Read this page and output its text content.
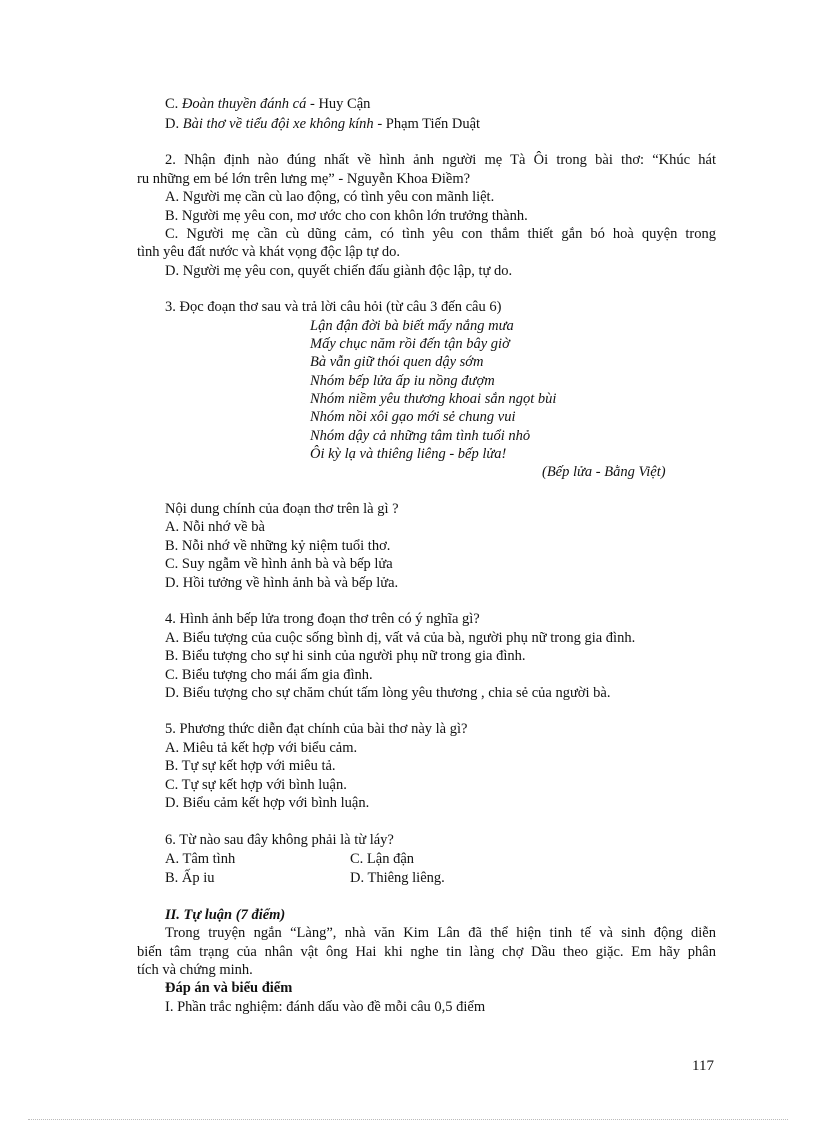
C. Đoàn thuyền đánh cá - Huy Cận
D. Bài thơ về tiểu đội xe không kính - Phạm Tiến Duật
2. Nhận định nào đúng nhất về hình ảnh người mẹ Tà Ôi trong bài thơ: “Khúc hát
ru những em bé lớn trên lưng mẹ” - Nguyễn Khoa Điềm?
A. Người mẹ cần cù lao động, có tình yêu con mãnh liệt.
B. Người mẹ yêu con, mơ ước cho con khôn lớn trưởng thành.
C. Người mẹ cần cù dũng cảm, có tình yêu con thắm thiết gắn bó hoà quyện trong
tình yêu đất nước và khát vọng độc lập tự do.
D. Người mẹ yêu con, quyết chiến đấu giành độc lập, tự do.
3. Đọc đoạn thơ sau và trả lời câu hỏi (từ câu 3 đến câu 6)
Lận đận đời bà biết mấy nắng mưa
Mấy chục năm rồi đến tận bây giờ
Bà vẫn giữ thói quen dậy sớm
Nhóm bếp lửa ấp iu nồng đượm
Nhóm niềm yêu thương khoai sắn ngọt bùi
Nhóm nồi xôi gạo mới sẻ chung vui
Nhóm dậy cả những tâm tình tuổi nhỏ
Ôi kỳ lạ và thiêng liêng - bếp lửa!
(Bếp lửa - Bằng Việt)
Nội dung chính của đoạn thơ trên là gì ?
A. Nỗi nhớ về bà
B. Nỗi nhớ về những kỷ niệm tuổi thơ.
C. Suy ngẫm về hình ảnh bà và bếp lửa
D. Hồi tưởng về hình ảnh bà và bếp lửa.
4. Hình ảnh bếp lửa trong đoạn thơ trên có ý nghĩa gì?
A. Biểu tượng của cuộc sống bình dị, vất vả của bà, người phụ nữ trong gia đình.
B. Biểu tượng cho sự hi sinh của người phụ nữ trong gia đình.
C. Biểu tượng cho mái ấm gia đình.
D. Biểu tượng cho sự chăm chút tấm lòng yêu thương , chia sẻ của người bà.
5. Phương thức diễn đạt chính của bài thơ này là gì?
A. Miêu tả kết hợp với biểu cảm.
B. Tự sự kết hợp với miêu tả.
C. Tự sự kết hợp với bình luận.
D. Biểu cảm kết hợp với bình luận.
6. Từ nào sau đây không phải là từ láy?
A. Tâm tình	C. Lận đận
B. Ấp iu	D. Thiêng liêng.
II. Tự luận (7 điểm)
Trong truyện ngắn “Làng”, nhà văn Kim Lân đã thể hiện tinh tế và sinh động diễn
biến tâm trạng của nhân vật ông Hai khi nghe tin làng chợ Dầu theo giặc. Em hãy phân
tích và chứng minh.
Đáp án và biểu điểm
I. Phần trắc nghiệm: đánh dấu vào đề mỗi câu 0,5 điểm
117
